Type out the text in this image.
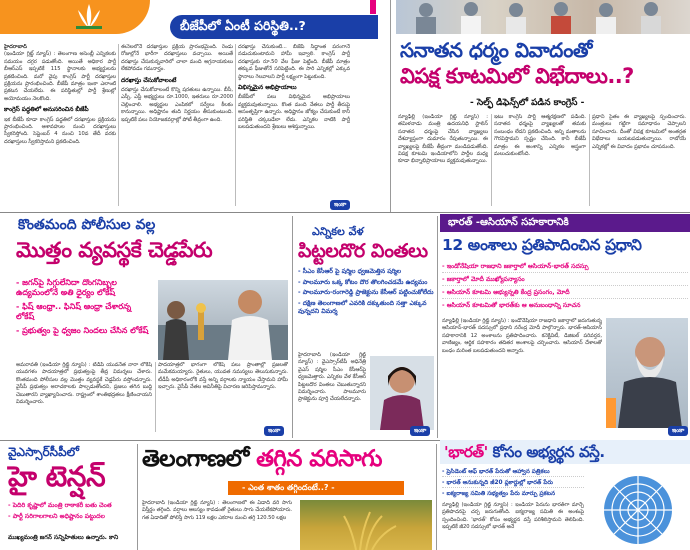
బీజేపీలో ఏంటీ పరిస్థితి..?
హైదరాబాద్‌
(ఇండియా గ్లిట్జ్‌ న్యూస్‌) : తెలంగాణ అసెంబ్లీ ఎన్నికలకు సమయం దగ్గర పడుతోంది. అయితే అధికార పార్టీ బీఆర్‌ఎస్‌ ఇప్పటికే 115 స్థానాలకు అభ్యర్థులను ప్రకటించింది. మరో వైపు కాంగ్రెస్‌ పార్టీ దరఖాస్తుల ప్రక్రియను ప్రారంభించింది. బీజేపీ మాత్రం ఇంకా ఎలాంటి ప్రకటన చేయలేదు. ఈ పరిస్థితుల్లో పార్టీ శ్రేణుల్లో అయోమయం నెలకొంది.
కాంగ్రెస్‌ పద్ధతిలో అనుసరించిన బీజేపీ
ఇక బీజేపీ కూడా కాంగ్రెస్‌ పద్ధతిలో దరఖాస్తుల ప్రక్రియను ప్రారంభించింది. ఆశావహుల నుంచి దరఖాస్తులు స్వీకరిస్తోంది. సెప్టెంబర్‌ 4 నుంచి 10వ తేదీ వరకు దరఖాస్తులు స్వీకరిస్తామని ప్రకటించింది.
ఈనెలలోనే దరఖాస్తుల ప్రక్రియ ప్రారంభమైంది. రెండు రోజుల్లోనే భారీగా దరఖాస్తులు వచ్చాయి. అయితే దరఖాస్తు చేసుకున్నవారిలో చాలా మంది అగ్రనాయకులు లేకపోవడం గమనార్హం.
దరఖాస్తు చేసుకోవాలంటే
దరఖాస్తు చేసుకోవాలంటే కొన్ని షరతులు ఉన్నాయి. బీసీ, ఎస్సీ, ఎస్టీ అభ్యర్థులు రూ.1000, ఇతరులు రూ.2000 చెల్లించాలి. అభ్యర్థుల ఎంపికలో సర్వేలు కీలకం కానున్నాయి. అధిష్టానం తుది నిర్ణయం తీసుకుంటుంది. ఇప్పటికే పలు నియోజకవర్గాల్లో పోటీ తీవ్రంగా ఉంది.
దరఖాస్తు చేసుకుంటే... బీజేపీ సిద్ధాంత పరంగానే నడుచుకుంటామని హామీ ఇవ్వాలి. కాంగ్రెస్‌ పార్టీ దరఖాస్తుకు రూ.50 వేల ఫీజు పెట్టింది. బీజేపీ మాత్రం తక్కువ ఫీజుతోనే సరిపెట్టింది. ఈ సారి ఎన్నికల్లో ఎక్కువ స్థానాలు గెలవాలని పార్టీ లక్ష్యంగా పెట్టుకుంది.
విభిన్నమైన అభిప్రాయాలు
బీజేపీలో పలు విభిన్నమైన అభిప్రాయాలు వ్యక్తమవుతున్నాయి. కొంత మంది నేతలు పార్టీ తీరుపై అసంతృప్తిగా ఉన్నారు. అధిష్టానం జోక్యం చేసుకుంటే కానీ పరిస్థితి చక్కబడేలా లేదు. ఎన్నికల నాటికి పార్టీ బలపడుతుందని శ్రేణులు ఆశిస్తున్నాయి.
ఇంకా
సనాతన ధర్మం వివాదంతో
విపక్ష కూటమిలో విభేదాలు..?
- సెల్ఫ్‌ డిఫెన్స్‌లో పడిన కాంగ్రెస్‌ -
న్యూఢిల్లీ (ఇండియా గ్లిట్జ్‌ న్యూస్‌) : తమిళనాడు మంత్రి ఉదయనిధి స్టాలిన్‌ సనాతన ధర్మంపై చేసిన వ్యాఖ్యలు దేశవ్యాప్తంగా దుమారం రేపుతున్నాయి. ఈ వ్యాఖ్యలపై బీజేపీ తీవ్రంగా మండిపడుతోంది. విపక్ష కూటమి ఇండియాలోని పార్టీల మధ్య కూడా భిన్నాభిప్రాయాలు వ్యక్తమవుతున్నాయి.
ఇటు కాంగ్రెస్‌ పార్టీ ఆత్మరక్షణలో పడింది. సనాతన ధర్మంపై వ్యాఖ్యలతో తమకు సంబంధం లేదని ప్రకటించింది. అన్ని మతాలను గౌరవిస్తామని స్పష్టం చేసింది. కానీ బీజేపీ మాత్రం ఈ అంశాన్ని ఎన్నికల అస్త్రంగా మలుచుకుంటోంది.
ప్రధాని సైతం ఈ వ్యాఖ్యలపై స్పందించారు. మంత్రులు గట్టిగా సమాధానం చెప్పాలని సూచించారు. దీంతో విపక్ష కూటమిలో అంతర్గత విభేదాలు బయటపడుతున్నాయి. రాబోయే ఎన్నికల్లో ఈ వివాదం ప్రభావం చూపనుంది.
కొంతమంది పోలీసుల వల్ల
మొత్తం వ్యవస్థకే చెడ్డపేరు
- జగన్‌పై సిగ్గులేనిదా దొంగనిబ్బల ఉద్యమంలోనే అతి ధైర్యం లోకేష్‌
- ఫిష్‌ ఆంధ్రా.. ఫినిష్‌ ఆంధ్రా చేశారన్న లోకేష్‌
- ప్రభుత్వం పై ధ్వజం నిందలు చేసిన లోకేష్‌
అమరావతి (ఇండియా గ్లిట్జ్‌ న్యూస్‌) : టీడీపీ యువనేత నారా లోకేష్‌ యువగళం పాదయాత్రలో ప్రభుత్వంపై తీవ్ర విమర్శలు చేశారు. కొంతమంది పోలీసుల వల్ల మొత్తం వ్యవస్థకే చెడ్డపేరు వస్తోందన్నారు. వైసీపీ ప్రభుత్వం అరాచకాలకు పాల్పడుతోందని, ప్రజలు తగిన బుద్ధి చెబుతారని వ్యాఖ్యానించారు. రాష్ట్రంలో శాంతిభద్రతలు క్షీణించాయని విమర్శించారు.
పాదయాత్రలో భాగంగా లోకేష్‌ పలు ప్రాంతాల్లో ప్రజలతో మమేకమయ్యారు. రైతులు, యువత సమస్యలు తెలుసుకున్నారు. టీడీపీ అధికారంలోకి వస్తే అన్ని వర్గాలకు న్యాయం చేస్తామని హామీ ఇచ్చారు. వైసీపీ నేతల అవినీతిపై విచారణ జరిపిస్తామన్నారు.
ఇంకా
ఎన్నికల వేళ
పిట్టలదొర వింతలు
- సీఎం కేసీఆర్‌ పై షర్మిల ధ్వజమెత్తిన షర్మిల
- పాలమూరు ఒక్క కోటం దొర తొలగించడమే ఉద్యమం
- పాలమూరు-రంగారెడ్డి ప్రాజెక్టును కేసీఆర్‌ పట్టించుకోలేదు
- దక్షిణ తెలంగాణలో ఎవరికి దక్కుతుంది సత్తా ఎక్కువ వున్నదని విమర్శ
హైదరాబాద్‌ (ఇండియా గ్లిట్జ్‌ న్యూస్‌) : వైఎస్సార్‌టీపీ అధినేత్రి వైఎస్‌ షర్మిల సీఎం కేసీఆర్‌పై ధ్వజమెత్తారు. ఎన్నికల వేళ కేసీఆర్‌ పిట్టలదొర వింతలు చెబుతున్నారని విమర్శించారు. పాలమూరు ప్రాజెక్టును పూర్తి చేయలేదన్నారు.
ఇంకా
భారత్‌ -ఆసియాన్‌ సహకారానికి
12 అంశాలు ప్రతిపాదించిన ప్రధాని
- ఇండోనేషియా రాజధాని జకార్తాలో ఆసియాన్‌-భారత్‌ సదస్సు
- జకార్తాలో మోదీ ముఖ్యోపన్యాసం
- ఆసియాన్‌ కూటమి అభ్యున్నతి కేంద్ర ప్రసంగం, మోదీ
- ఆసియాన్‌ కూటమితో భారత్‌కు ఆ అనుబంధాన్ని సూచన
న్యూఢిల్లీ (ఇండియా గ్లిట్జ్‌ న్యూస్‌) : ఇండోనేషియా రాజధాని జకార్తాలో జరుగుతున్న ఆసియాన్‌-భారత్‌ సదస్సులో ప్రధాని నరేంద్ర మోదీ పాల్గొన్నారు. భారత్‌-ఆసియాన్‌ సహకారానికి 12 అంశాలను ప్రతిపాదించారు. కనెక్టివిటీ, డిజిటల్‌ పరివర్తన, వాణిజ్యం, ఆర్థిక సహకారం తదితర అంశాలపై చర్చించారు. ఆసియాన్‌ దేశాలతో బంధం మరింత బలపడుతుందని అన్నారు.
ఇంకా
వైఎస్సార్‌సీపీలో
హై టెన్షన్‌
- పెదిరి కృష్ణాలో మంత్రి రాఠాకరీ బతు చెంత
- పార్టీ సరిగాలగాలని అధిష్టానం పట్టుదల
ముఖ్యమంత్రి జగన్‌ సన్నిహితులు ఉన్నారు. కాని
తెలంగాణలో తగ్గిన వరిసాగు
- ఎంత శాతం తగ్గిందంటే..? -
హైదరాబాద్‌ (ఇండియా గ్లిట్జ్‌ న్యూస్‌) : తెలంగాణలో ఈ ఏడాది వరి సాగు విస్తీర్ణం తగ్గింది. వర్షాలు ఆలస్యం కావడంతో రైతులు సాగు చేయలేకపోయారు. గత ఏడాదితో పోలిస్తే సాగు 119 లక్షల ఎకరాల నుంచి తగ్గి 120.50 లక్షల
'భారత్‌' కోసం అభ్యర్థన వస్తే.
- ప్రెసిడెంట్‌ ఆఫ్‌ భారత్‌ పేరుతో ఆహ్వాన పత్రికలు
- భారత్‌ అనుకున్నది జీ20 ప్లకార్డుల్లో భారత్‌ పేరు
- ఐక్యరాజ్య సమితి సభ్యత్వం పేరు మార్పు ప్రకటన
న్యూఢిల్లీ (ఇండియా గ్లిట్జ్‌ న్యూస్‌) : ఇండియా పేరును భారత్‌గా మార్చే ప్రతిపాదనపై చర్చ జరుగుతోంది. ఐక్యరాజ్య సమితి ఈ అంశంపై స్పందించింది. 'భారత్‌' కోసం అభ్యర్థన వస్తే పరిశీలిస్తామని తెలిపింది. ఇప్పటికే జీ20 సదస్సులో భారత్‌ అనే
